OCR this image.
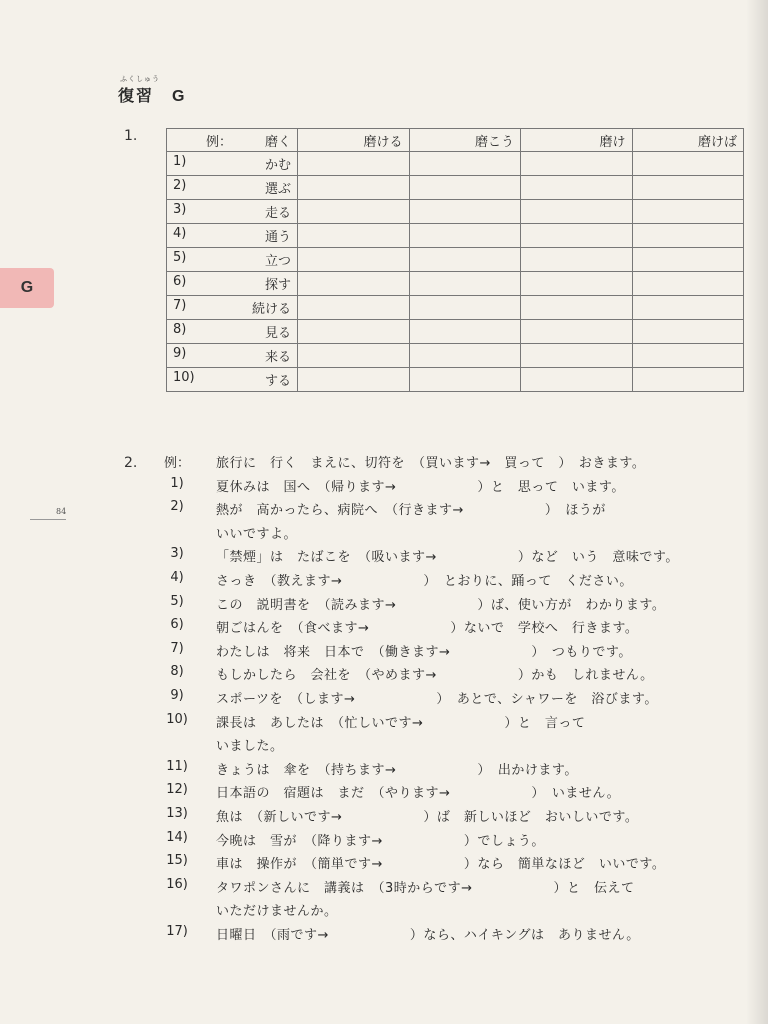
ふくしゅう
復習 G
G
84
1.	例： 磨く	磨ける	磨こう	磨け	磨けば
1) かむ				

2) 選ぶ				

3) 走る				

4) 通う				

5) 立つ				

6) 探す				

7) 続ける				

8) 見る				

9) 来る				

10) する				

2.	例：	旅行に　行く　まえに、切符を　（買います→　買って　）　おきます。
1)	夏休みは　国へ　（帰ります→　　　　　　）と　思って　います。
2)	熱が　高かったら、病院へ　（行きます→　　　　　　）　ほうが
いいですよ。
3)	「禁煙」は　たばこを　（吸います→　　　　　　）など　いう　意味です。
4)	さっき　（教えます→　　　　　　）　とおりに、踊って　ください。
5)	この　説明書を　（読みます→　　　　　　）ば、使い方が　わかります。
6)	朝ごはんを　（食べます→　　　　　　）ないで　学校へ　行きます。
7)	わたしは　将来　日本で　（働きます→　　　　　　）　つもりです。
8)	もしかしたら　会社を　（やめます→　　　　　　）かも　しれません。
9)	スポーツを　（します→　　　　　　）　あとで、シャワーを　浴びます。
10)	課長は　あしたは　（忙しいです→　　　　　　）と　言って
いました。
11)	きょうは　傘を　（持ちます→　　　　　　）　出かけます。
12)	日本語の　宿題は　まだ　（やります→　　　　　　）　いません。
13)	魚は　（新しいです→　　　　　　）ば　新しいほど　おいしいです。
14)	今晩は　雪が　（降ります→　　　　　　）でしょう。
15)	車は　操作が　（簡単です→　　　　　　）なら　簡単なほど　いいです。
16)	タワポンさんに　講義は　（3時からです→　　　　　　）と　伝えて
いただけませんか。
17)	日曜日　（雨です→　　　　　　）なら、ハイキングは　ありません。
